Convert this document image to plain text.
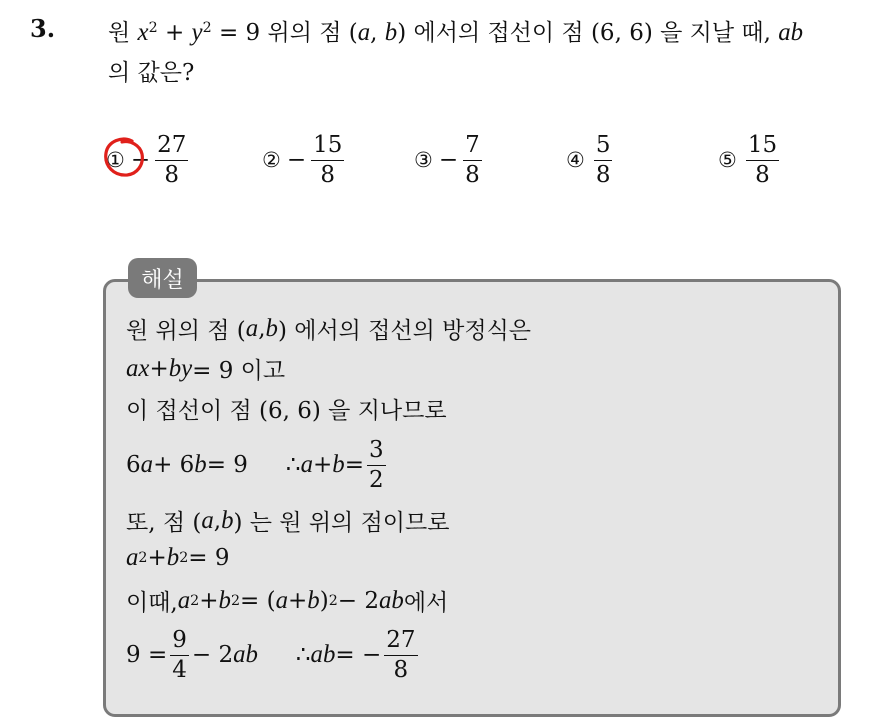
3. 원 $x^2 + y^2 = 9$ 위의 점 (a, b) 에서의 접선이 점 (6, 6) 을 지날 때, ab
의 값은?
① − $\frac{27}{8}$	② − $\frac{15}{8}$	③ − $\frac{7}{8}$	④ $\frac{5}{8}$	⑤ $\frac{15}{8}$
해설
원 위의 점 ( a , b ) 에서의 접선의 방정식은
ax + by = 9 이고
이 접선이 점 (6, 6) 을 지나므로
6 a + 6 b = 9 ∴ $a + b = \frac{3}{2}$
또, 점 ( a , b ) 는 원 위의 점이므로
a 2 + b 2 = 9
이때, a 2 + b 2 = ( a + b ) 2 − 2 ab 에서
$9 = \frac{9}{4} - 2$ ab ∴ ab = − $\frac{27}{8}$
